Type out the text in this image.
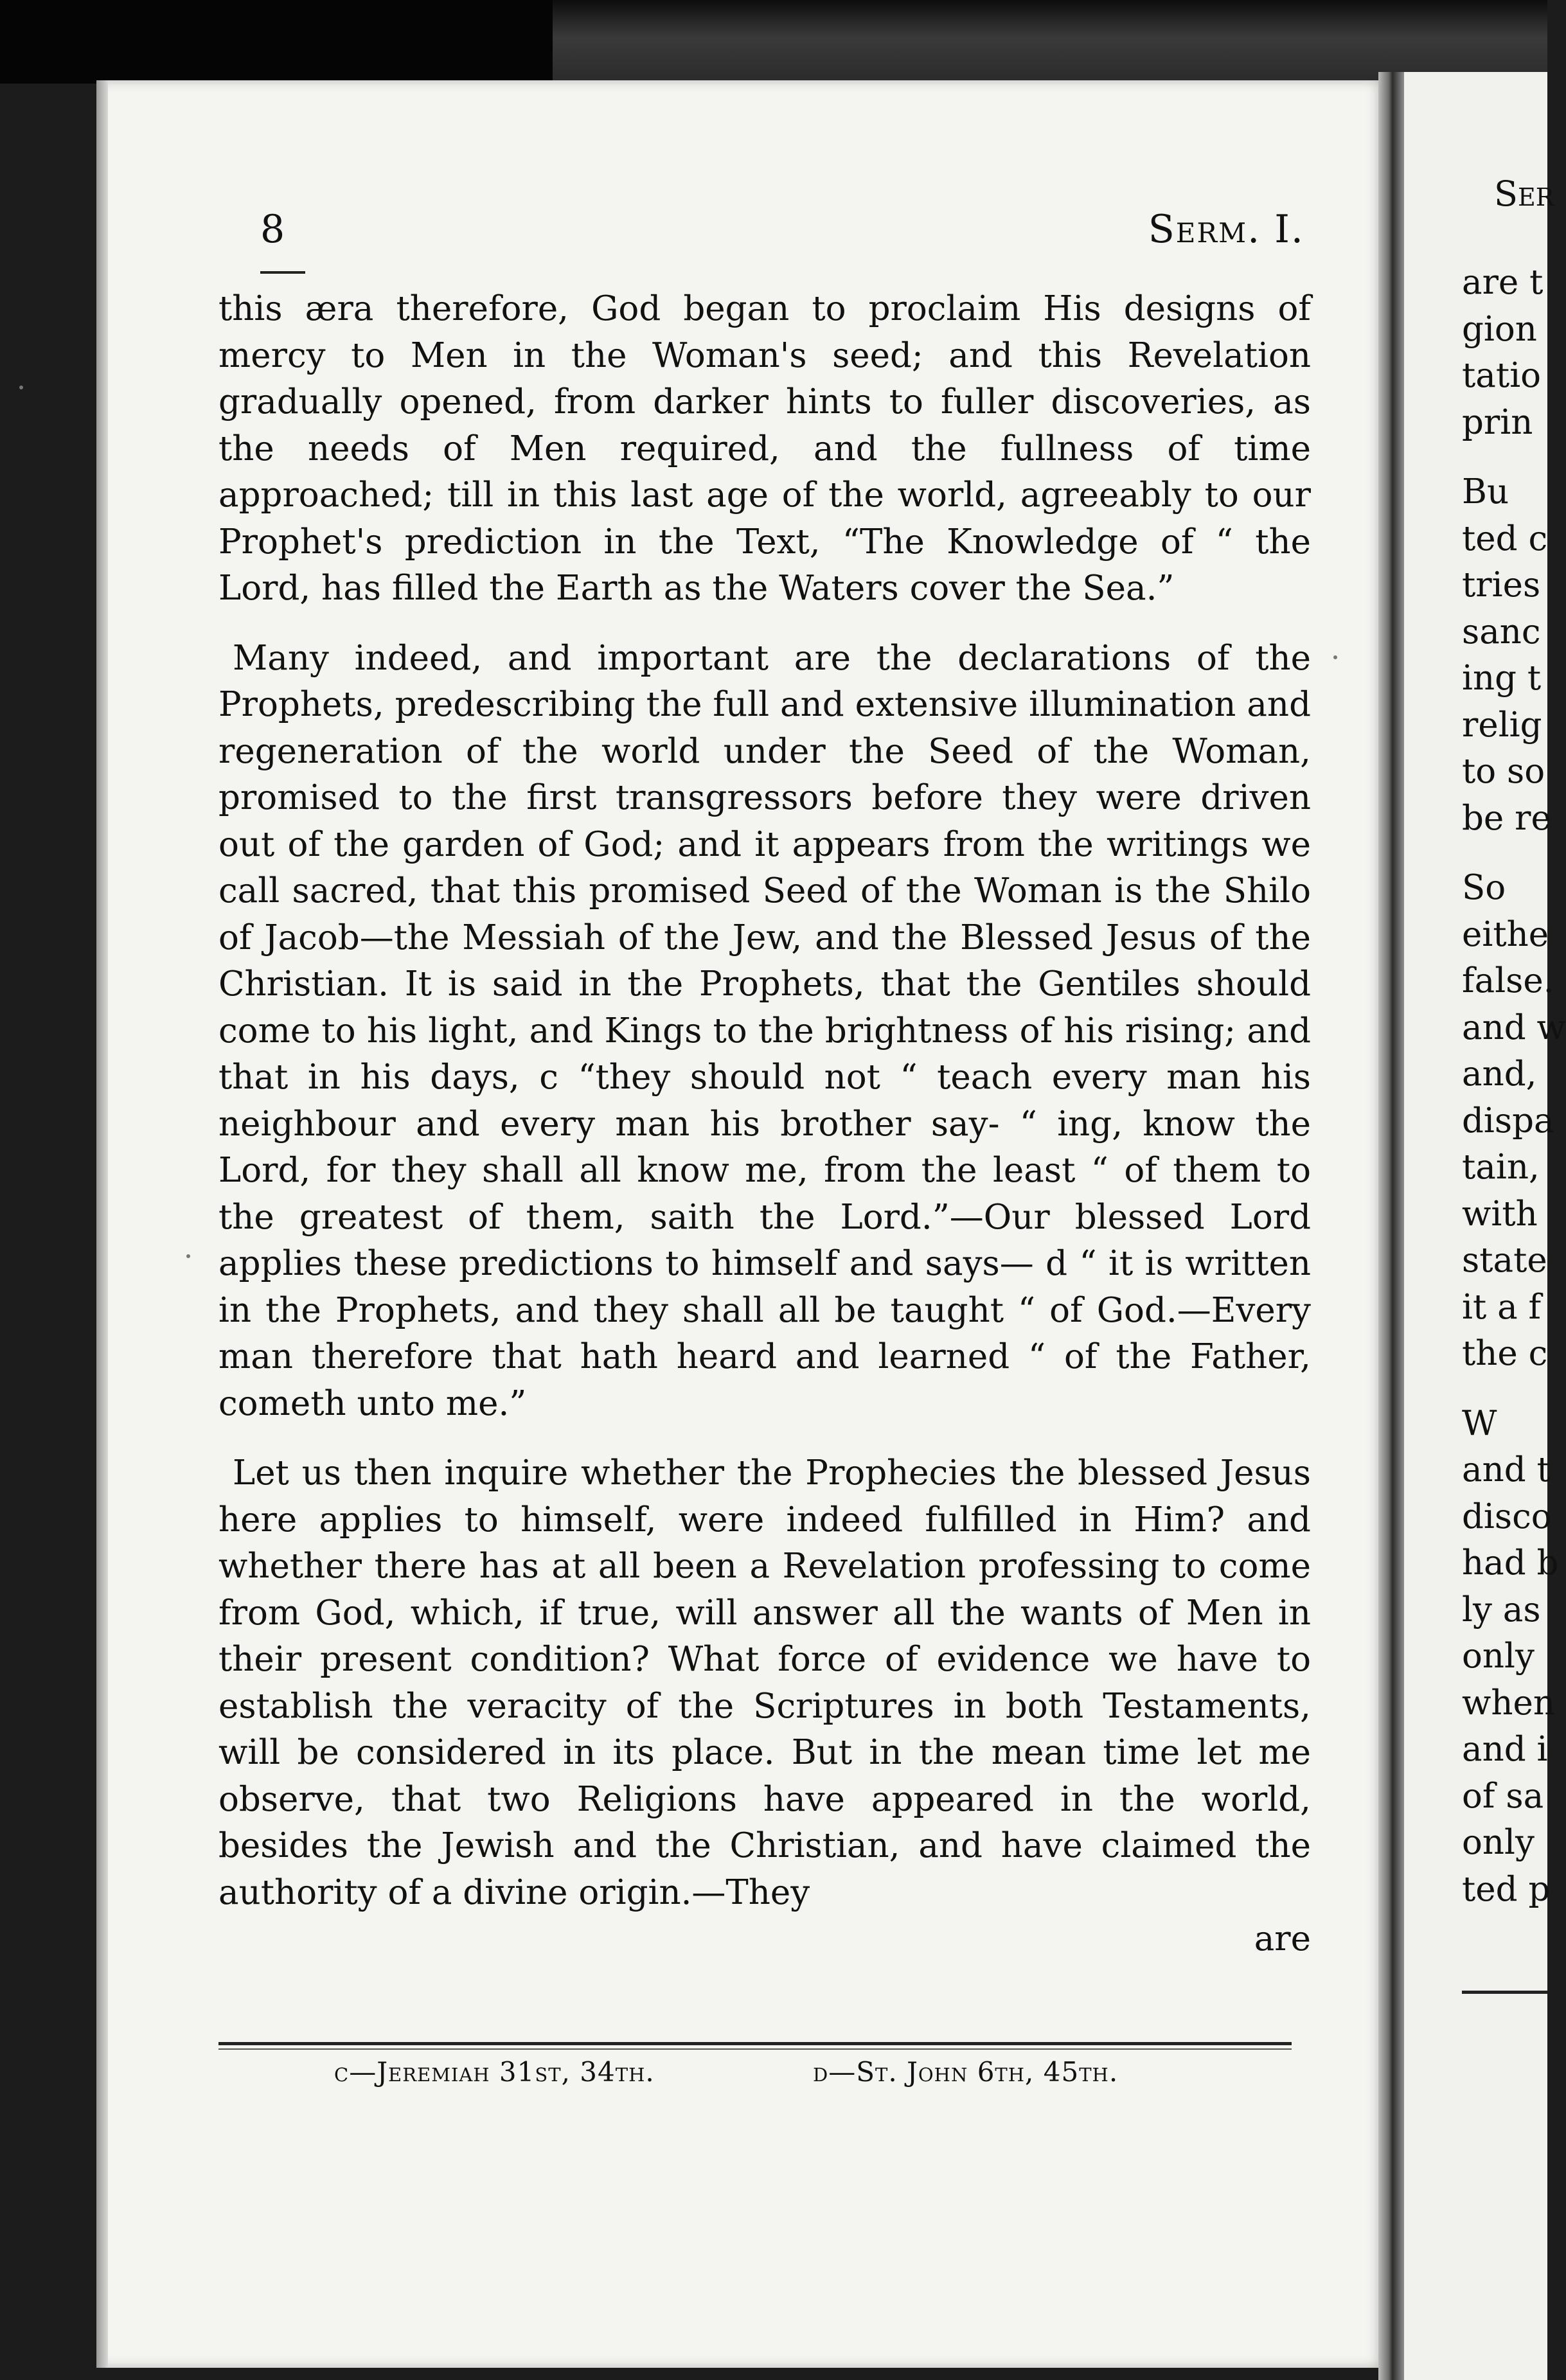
8	Serm. I.

this æra therefore, God began to proclaim His designs of mercy to Men in the Woman's seed; and this Revelation gradually opened, from darker hints to fuller discoveries, as the needs of Men required, and the fullness of time approached; till in this last age of the world, agreeably to our Prophet's prediction in the Text, “The Knowledge of “ the Lord, has filled the Earth as the Waters cover the Sea.”

Many indeed, and important are the declarations of the Prophets, predescribing the full and extensive illumination and regeneration of the world under the Seed of the Woman, promised to the first transgressors before they were driven out of the garden of God; and it appears from the writings we call sacred, that this promised Seed of the Woman is the Shilo of Jacob—the Messiah of the Jew, and the Blessed Jesus of the Christian. It is said in the Prophets, that the Gentiles should come to his light, and Kings to the brightness of his rising; and that in his days, c “they should not “ teach every man his neighbour and every man his brother say- “ ing, know the Lord, for they shall all know me, from the least “ of them to the greatest of them, saith the Lord.”—Our blessed Lord applies these predictions to himself and says— d “ it is written in the Prophets, and they shall all be taught “ of God.—Every man therefore that hath heard and learned “ of the Father, cometh unto me.”

Let us then inquire whether the Prophecies the blessed Jesus here applies to himself, were indeed fulfilled in Him? and whether there has at all been a Revelation professing to come from God, which, if true, will answer all the wants of Men in their present condition? What force of evidence we have to establish the veracity of the Scriptures in both Testaments, will be considered in its place. But in the mean time let me observe, that two Religions have appeared in the world, besides the Jewish and the Christian, and have claimed the authority of a divine origin.—They

are
c—Jeremiah 31st, 34th.	d—St. John 6th, 45th.
Ser
are t
gion
tatio
prin
Bu
ted c
tries
sanc
ing t
relig
to so
be re
So
eithe
false.
and w
and,
dispa
tain,
with
state
it a f
the c
W
and t
disco
had b
ly as
only
when
and i
of sa
only
ted p
